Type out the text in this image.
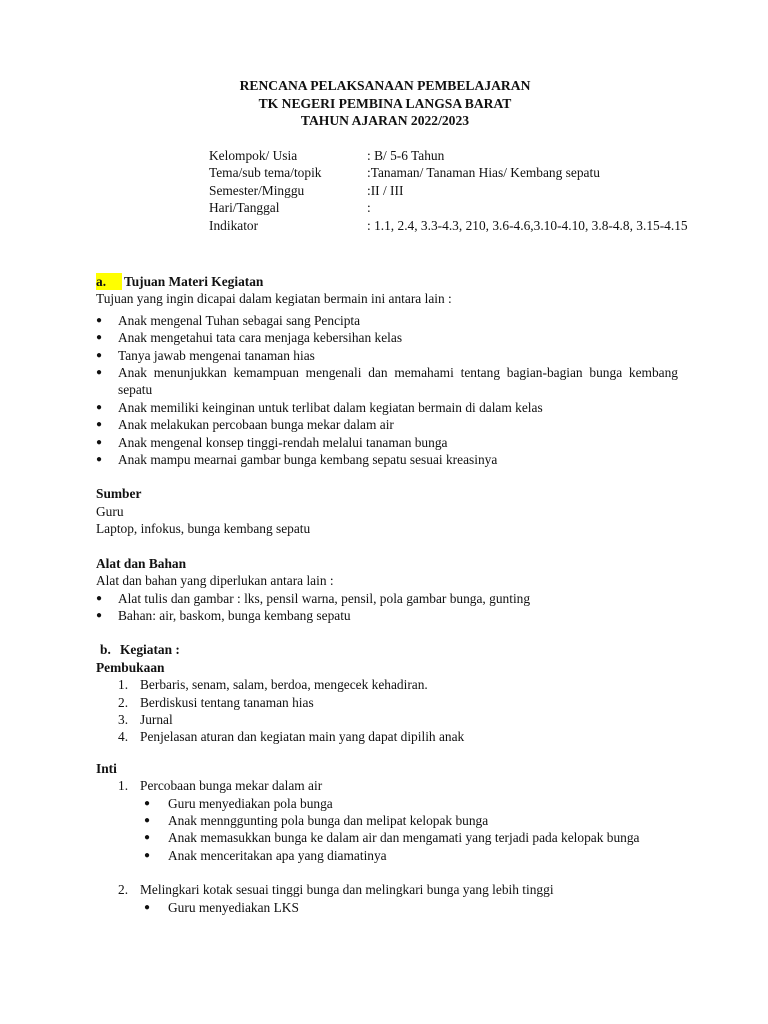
RENCANA PELAKSANAAN PEMBELAJARAN
TK NEGERI PEMBINA LANGSA BARAT
TAHUN AJARAN 2022/2023
Kelompok/ Usia	: B/ 5-6 Tahun
Tema/sub tema/topik	:Tanaman/ Tanaman Hias/ Kembang sepatu
Semester/Minggu	:II / III
Hari/Tanggal	:
Indikator	: 1.1, 2.4, 3.3-4.3, 210, 3.6-4.6,3.10-4.10, 3.8-4.8, 3.15-4.15
a.	Tujuan Materi Kegiatan

Tujuan yang ingin dicapai dalam kegiatan bermain ini antara lain :

● Anak mengenal Tuhan sebagai sang Pencipta
● Anak mengetahui tata cara menjaga kebersihan kelas
● Tanya jawab mengenai tanaman hias
● Anak menunjukkan kemampuan mengenali dan memahami tentang bagian-bagian bunga kembang sepatu
● Anak memiliki keinginan untuk terlibat dalam kegiatan bermain di dalam kelas
● Anak melakukan percobaan bunga mekar dalam air
● Anak mengenal konsep tinggi-rendah melalui tanaman bunga
● Anak mampu mearnai gambar bunga kembang sepatu sesuai kreasinya

Sumber

Guru

Laptop, infokus, bunga kembang sepatu

Alat dan Bahan

Alat dan bahan yang diperlukan antara lain :

● Alat tulis dan gambar : lks, pensil warna, pensil, pola gambar bunga, gunting
● Bahan: air, baskom, bunga kembang sepatu
b. Kegiatan :

Pembukaan

1. Berbaris, senam, salam, berdoa, mengecek kehadiran.
2. Berdiskusi tentang tanaman hias
3. Jurnal
4. Penjelasan aturan dan kegiatan main yang dapat dipilih anak

Inti

1. Percobaan bunga mekar dalam air
● Guru menyediakan pola bunga
● Anak mennggunting pola bunga dan melipat kelopak bunga
● Anak memasukkan bunga ke dalam air dan mengamati yang terjadi pada kelopak bunga
● Anak menceritakan apa yang diamatinya
2. Melingkari kotak sesuai tinggi bunga dan melingkari bunga yang lebih tinggi
● Guru menyediakan LKS
